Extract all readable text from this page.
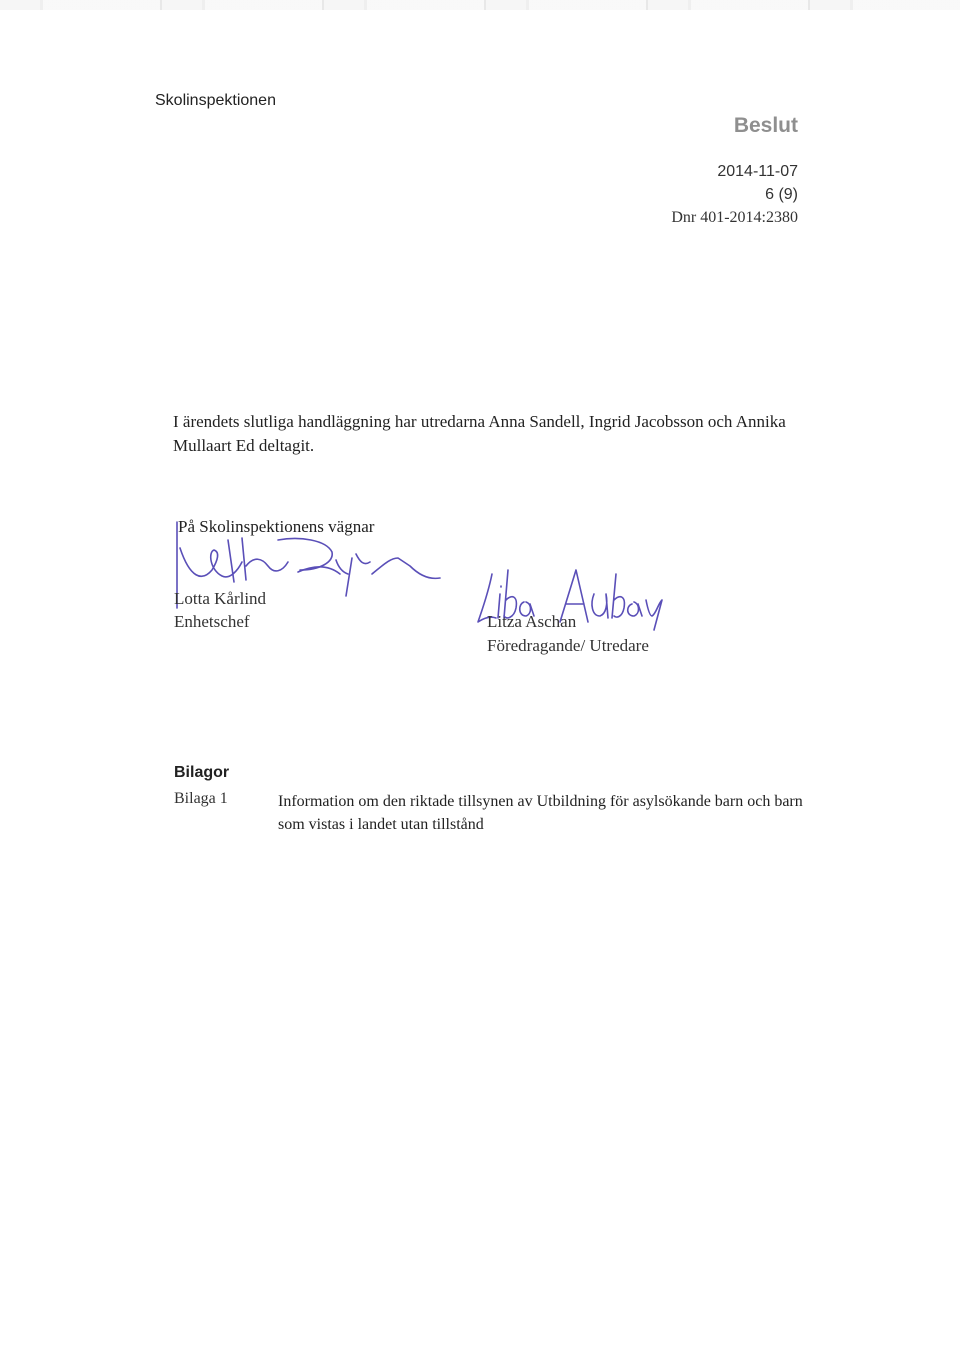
Skolinspektionen
Beslut
2014-11-07
6 (9)
Dnr 401-2014:2380
I ärendets slutliga handläggning har utredarna Anna Sandell, Ingrid Jacobsson och Annika Mullaart Ed deltagit.
På Skolinspektionens vägnar
Lotta Kårlind
Enhetschef	Litza Aschan
Föredragande/ Utredare
Bilagor
Bilaga 1	Information om den riktade tillsynen av Utbildning för asylsökande barn och barn som vistas i landet utan tillstånd
